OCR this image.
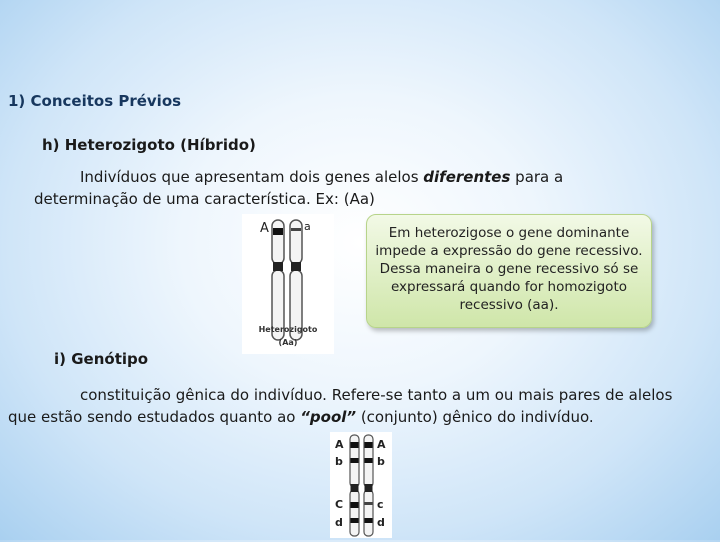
1) Conceitos Prévios
h) Heterozigoto (Híbrido)
Indivíduos que apresentam dois genes alelos diferentes para a determinação de uma característica. Ex: (Aa)
A	a
Heterozigoto
(Aa)
Em heterozigose o gene dominante impede a expressão do gene recessivo.
Dessa maneira o gene recessivo só se expressará quando for homozigoto recessivo (aa).
i) Genótipo
constituição gênica do indivíduo. Refere-se tanto a um ou mais pares de alelos que estão sendo estudados quanto ao “pool” (conjunto) gênico do indivíduo.
A
b
C
d
A
b
c
d
